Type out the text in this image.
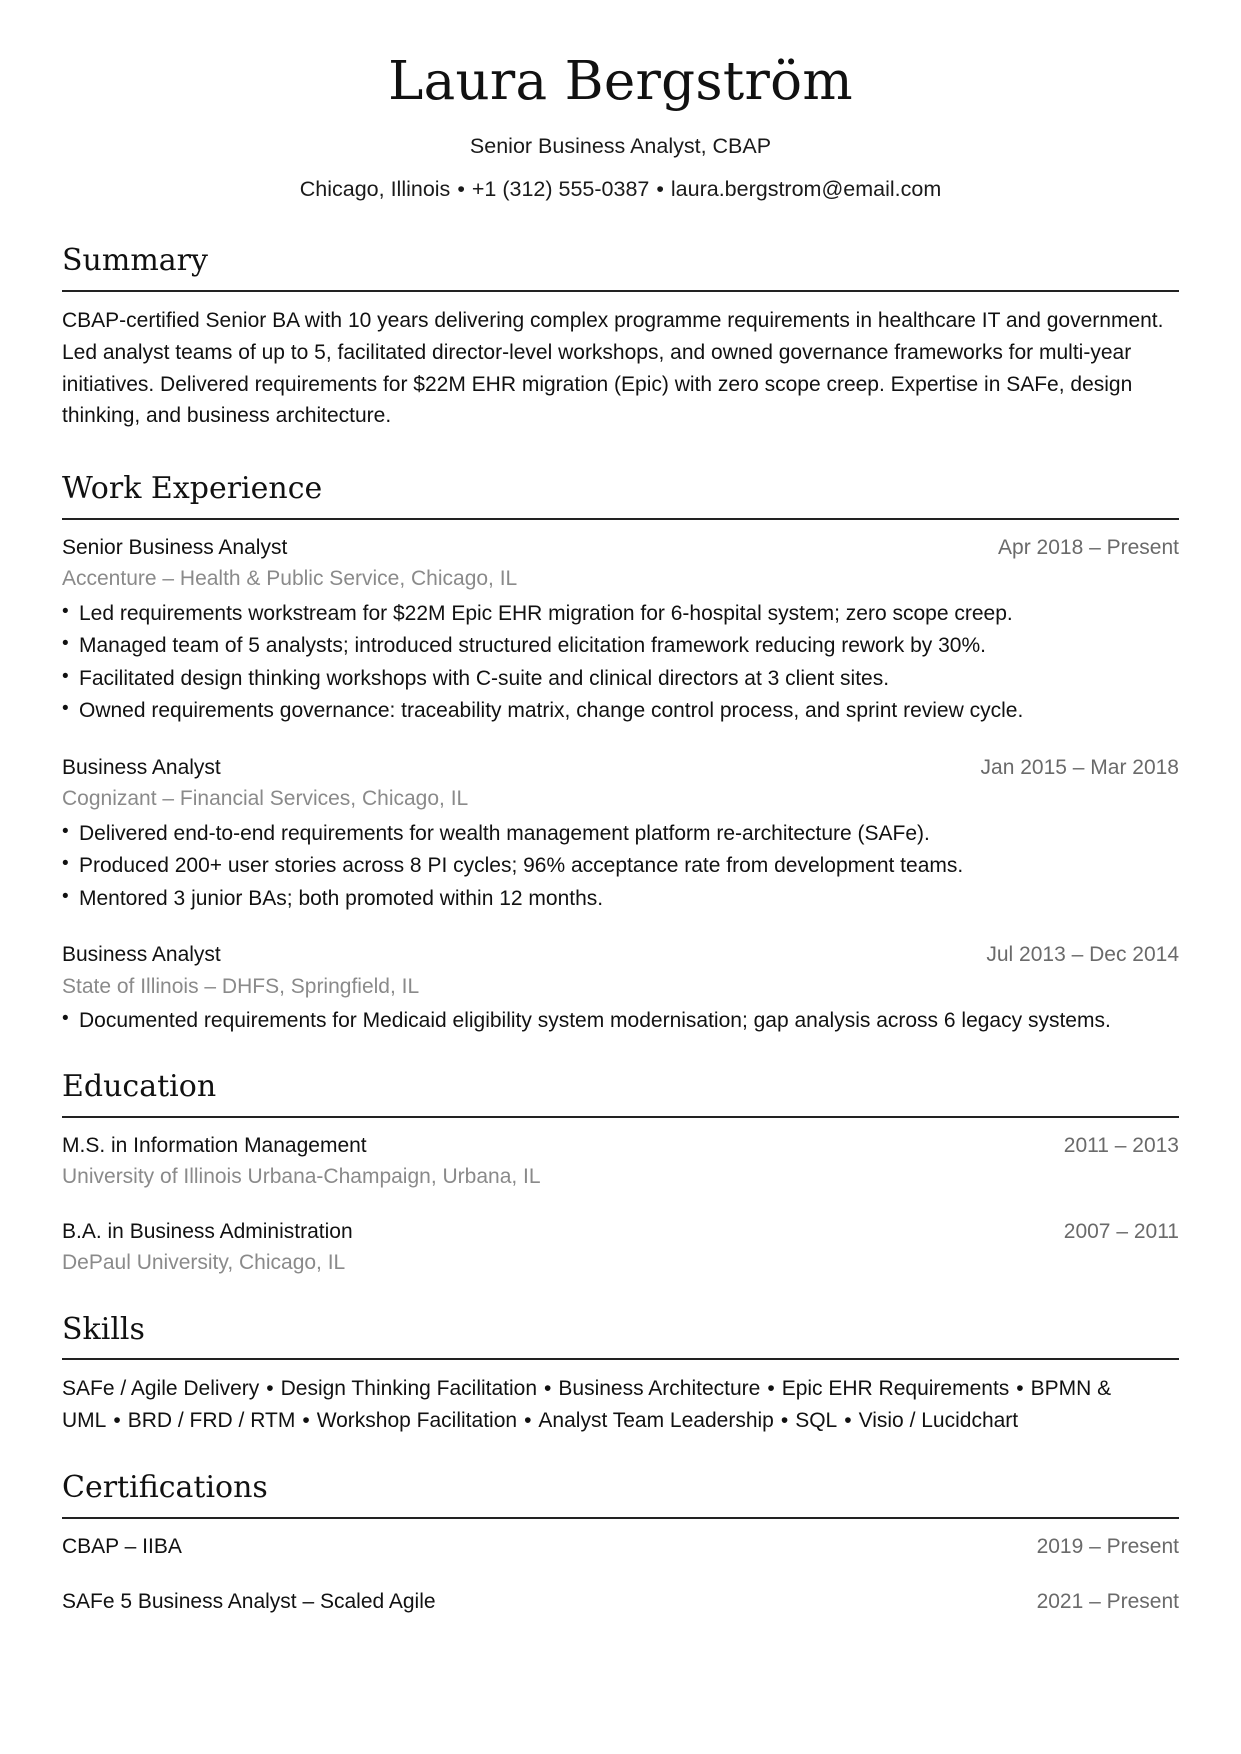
Laura Bergström
Senior Business Analyst, CBAP
Chicago, Illinois • +1 (312) 555-0387 • laura.bergstrom@email.com
Summary

CBAP-certified Senior BA with 10 years delivering complex programme requirements in healthcare IT and government. Led analyst teams of up to 5, facilitated director-level workshops, and owned governance frameworks for multi-year initiatives. Delivered requirements for $22M EHR migration (Epic) with zero scope creep. Expertise in SAFe, design thinking, and business architecture.

Work Experience
Senior Business Analyst	Apr 2018 – Present
Accenture – Health & Public Service, Chicago, IL
• Led requirements workstream for $22M Epic EHR migration for 6-hospital system; zero scope creep.
• Managed team of 5 analysts; introduced structured elicitation framework reducing rework by 30%.
• Facilitated design thinking workshops with C-suite and clinical directors at 3 client sites.
• Owned requirements governance: traceability matrix, change control process, and sprint review cycle.
Business Analyst	Jan 2015 – Mar 2018
Cognizant – Financial Services, Chicago, IL
• Delivered end-to-end requirements for wealth management platform re-architecture (SAFe).
• Produced 200+ user stories across 8 PI cycles; 96% acceptance rate from development teams.
• Mentored 3 junior BAs; both promoted within 12 months.
Business Analyst	Jul 2013 – Dec 2014
State of Illinois – DHFS, Springfield, IL
• Documented requirements for Medicaid eligibility system modernisation; gap analysis across 6 legacy systems.
Education
M.S. in Information Management	2011 – 2013
University of Illinois Urbana-Champaign, Urbana, IL
B.A. in Business Administration	2007 – 2011
DePaul University, Chicago, IL
Skills

SAFe / Agile Delivery • Design Thinking Facilitation • Business Architecture • Epic EHR Requirements • BPMN & UML • BRD / FRD / RTM • Workshop Facilitation • Analyst Team Leadership • SQL • Visio / Lucidchart

Certifications
CBAP – IIBA	2019 – Present
SAFe 5 Business Analyst – Scaled Agile	2021 – Present
